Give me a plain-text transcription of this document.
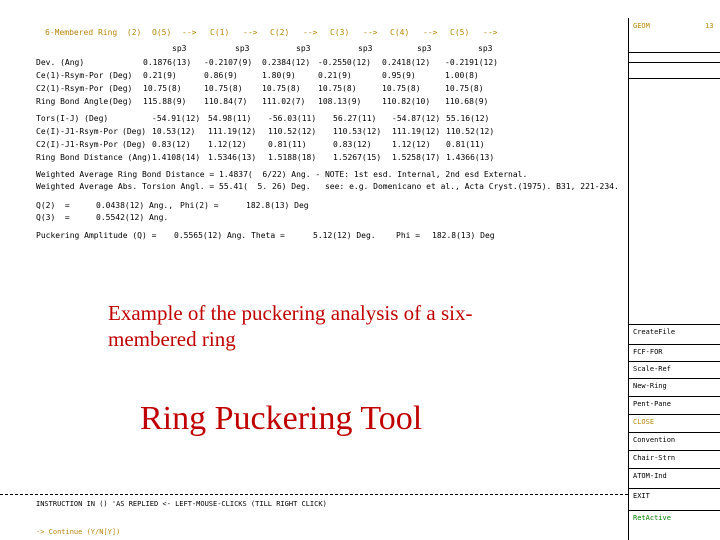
6-Membered Ring  (2) O(5) --> C(1) --> C(2) --> C(3) --> C(4) --> C(5) -->
GEOM	13
CreateFile
FCF-FOR
Scale-Ref
New-Ring
Pent-Pane
CLOSE
Convention
Chair-Strn
ATOM-Ind
EXIT
RetActive
sp3	sp3	sp3	sp3	sp3	sp3
Dev. (Ang)	0.1876(13) -0.2107(9) 0.2384(12) -0.2550(12) 0.2418(12) -0.2191(12)
Ce(1)-Rsym-Por (Deg) 0.21(9)	0.86(9)	1.80(9)	0.21(9)	0.95(9)	1.00(8)
C2(1)-Rsym-Por (Deg) 10.75(8)	10.75(8) 10.75(8) 10.75(8)	10.75(8)	10.75(8)
Ring Bond Angle(Deg) 115.88(9) 110.84(7) 111.02(7) 108.13(9)	110.82(10) 110.68(9)
Tors(I-J) (Deg)	-54.91(12) 54.98(11) -56.03(11) 56.27(11) -54.87(12) 55.16(12)
Ce(I)-J1-Rsym-Por (Deg) 10.53(12) 111.19(12) 110.52(12) 110.53(12) 111.19(12) 110.52(12)
C2(I)-J1-Rsym-Por (Deg) 0.83(12) 1.12(12)	0.81(11)	0.83(12)	1.12(12) 0.81(11)
Ring Bond Distance (Ang) 1.4108(14) 1.5346(13) 1.5188(18) 1.5267(15) 1.5258(17) 1.4366(13)
Weighted Average Ring Bond Distance = 1.4837(  6/22) Ang. - NOTE: 1st esd. Internal, 2nd esd External.
Weighted Average Abs. Torsion Angl. = 55.41(  5. 26) Deg.   see: e.g. Domenicano et al., Acta Cryst.(1975). B31, 221-234.
Q(2)  =	0.0438(12) Ang., Phi(2) =	182.8(13) Deg
Q(3)  =	0.5542(12) Ang.
Puckering Amplitude (Q) = 0.5565(12) Ang. Theta =	5.12(12) Deg.	Phi = 182.8(13) Deg
Example of the puckering analysis of a six-membered ring
Ring Puckering Tool
INSTRUCTION IN () 'AS REPLIED <- LEFT-MOUSE-CLICKS (TILL RIGHT CLICK)
-> Continue (Y/N[Y])
